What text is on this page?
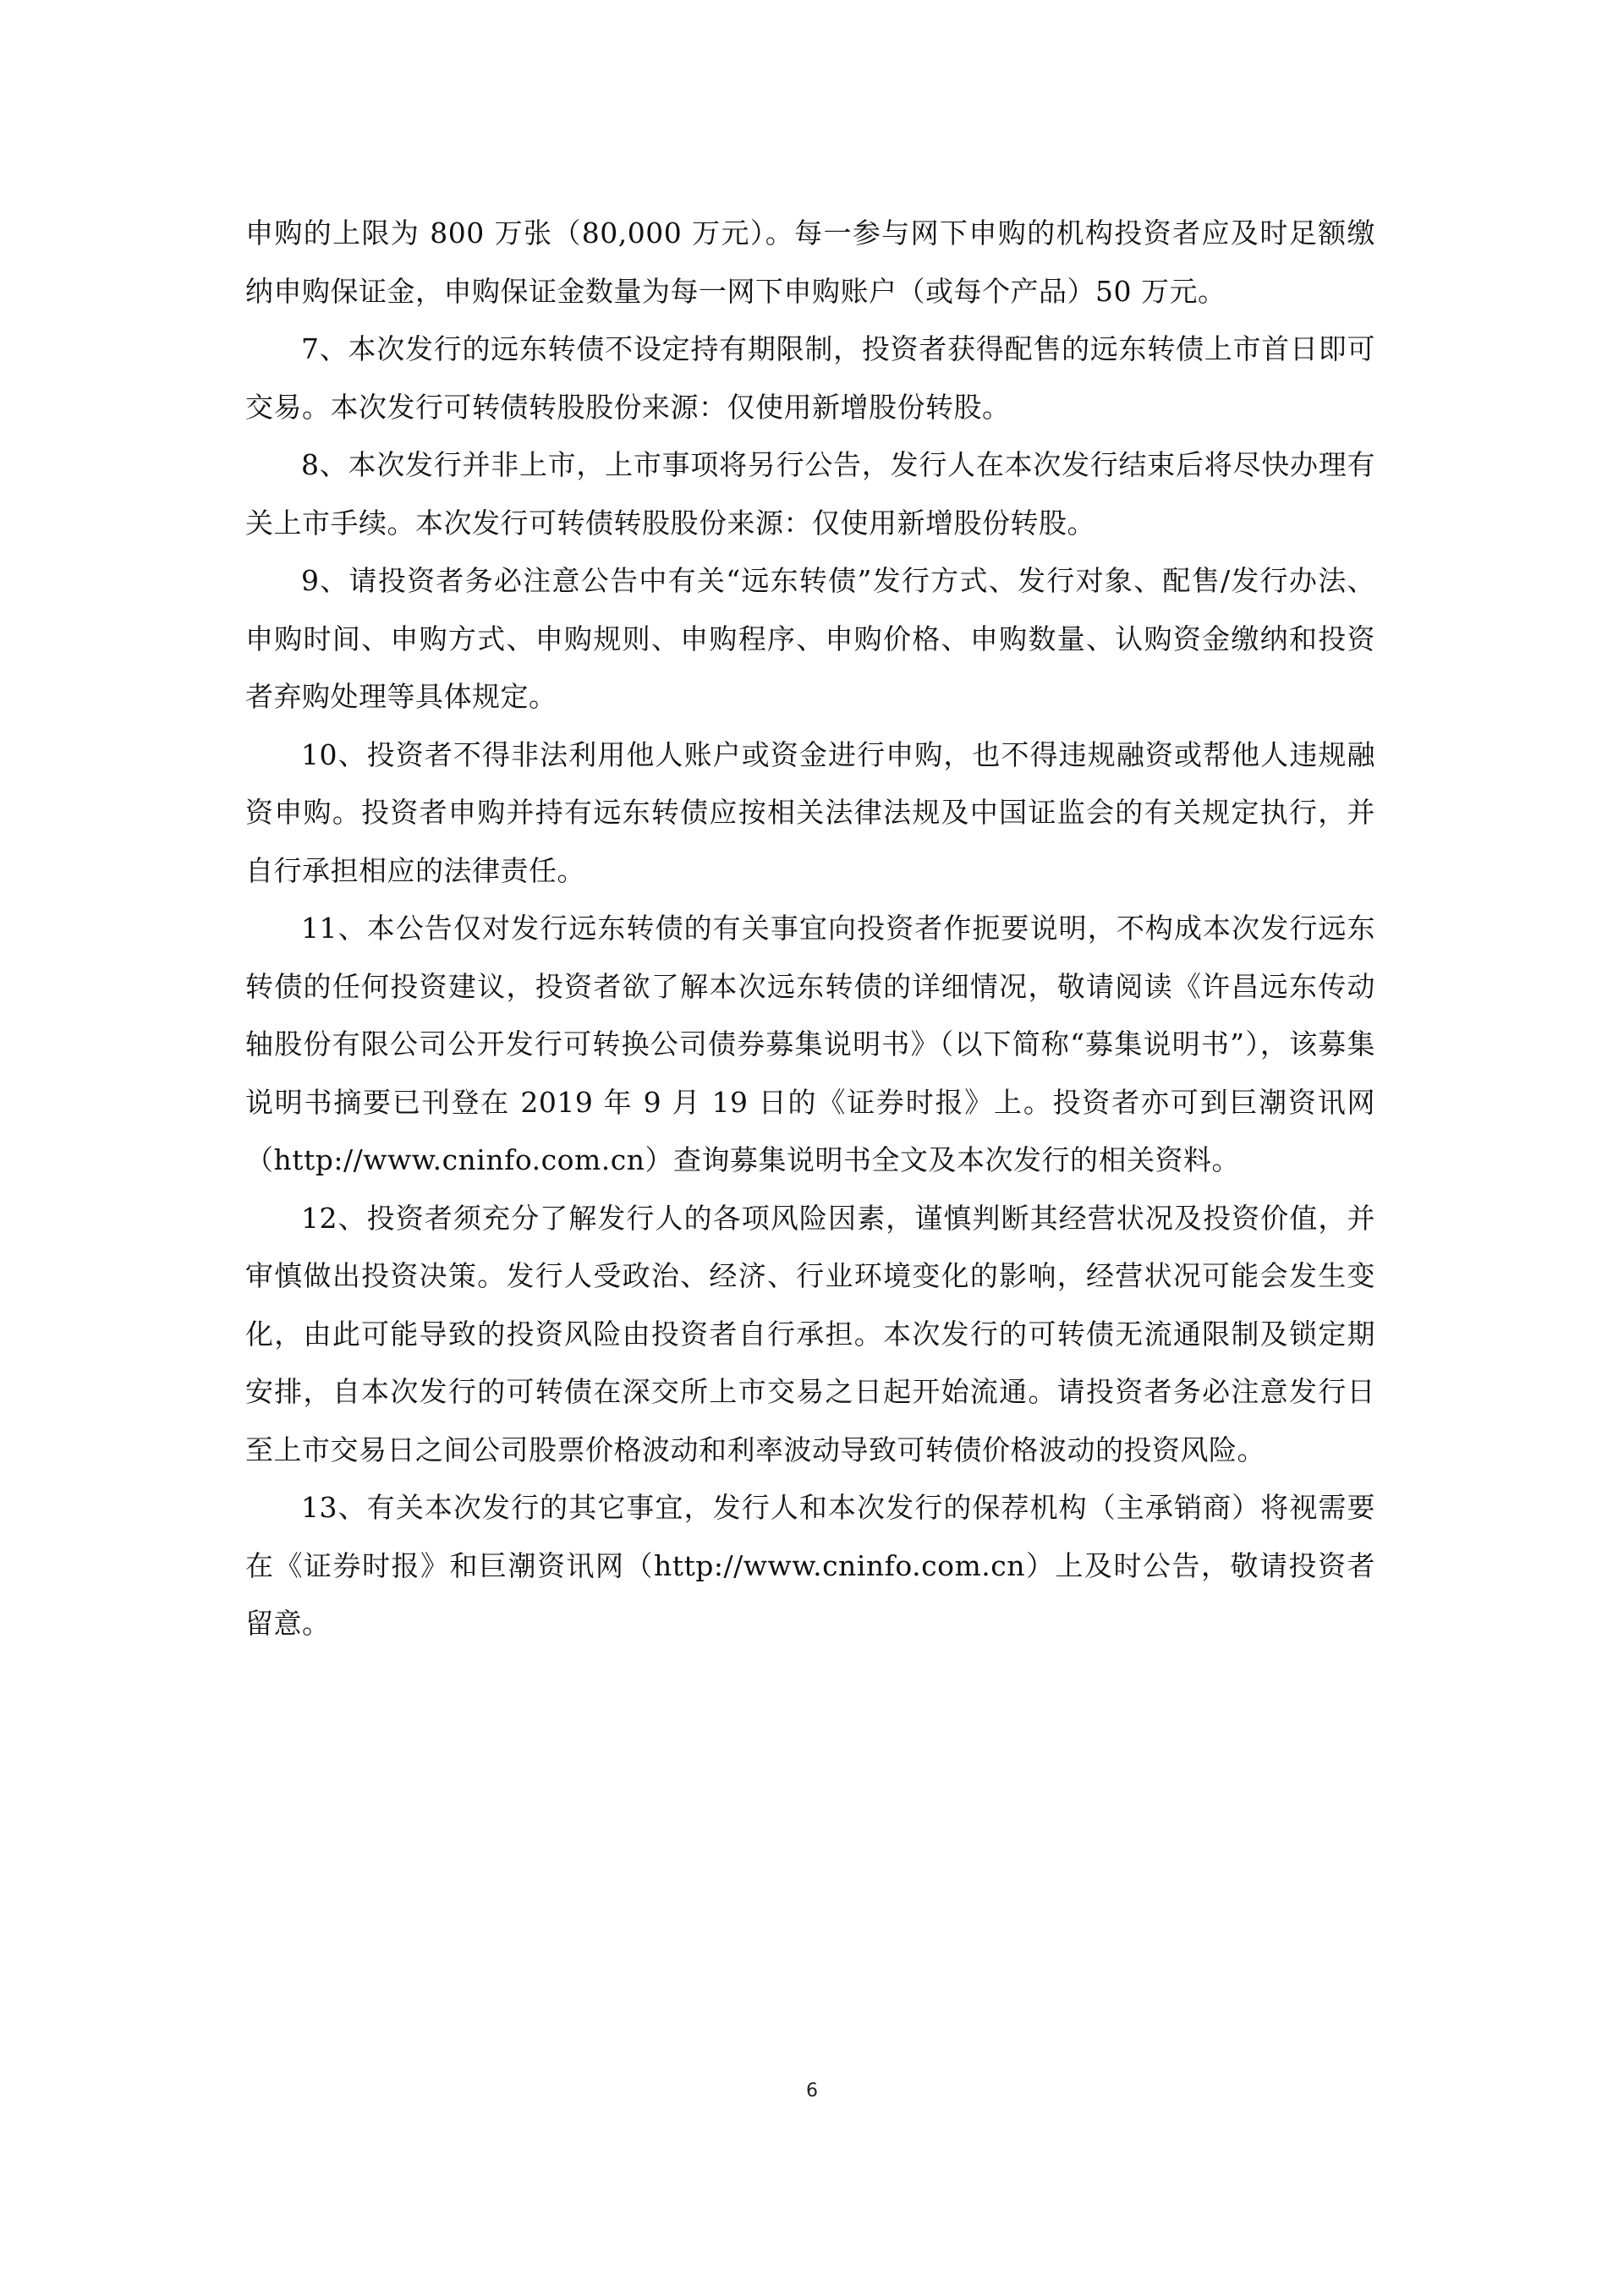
申购的上限为 800 万张（80,000 万元）。每一参与网下申购的机构投资者应及时足额缴纳申购保证金，申购保证金数量为每一网下申购账户（或每个产品）50 万元。

7、本次发行的远东转债不设定持有期限制，投资者获得配售的远东转债上市首日即可交易。本次发行可转债转股股份来源：仅使用新增股份转股。

8、本次发行并非上市，上市事项将另行公告，发行人在本次发行结束后将尽快办理有关上市手续。本次发行可转债转股股份来源：仅使用新增股份转股。

9、请投资者务必注意公告中有关“远东转债”发行方式、发行对象、配售/发行办法、申购时间、申购方式、申购规则、申购程序、申购价格、申购数量、认购资金缴纳和投资者弃购处理等具体规定。

10、投资者不得非法利用他人账户或资金进行申购，也不得违规融资或帮他人违规融资申购。投资者申购并持有远东转债应按相关法律法规及中国证监会的有关规定执行，并自行承担相应的法律责任。

11、本公告仅对发行远东转债的有关事宜向投资者作扼要说明，不构成本次发行远东转债的任何投资建议，投资者欲了解本次远东转债的详细情况，敬请阅读《许昌远东传动轴股份有限公司公开发行可转换公司债券募集说明书》（以下简称“募集说明书”），该募集说明书摘要已刊登在 2019 年 9 月 19 日的《证券时报》上。投资者亦可到巨潮资讯网（http://www.cninfo.com.cn）查询募集说明书全文及本次发行的相关资料。

12、投资者须充分了解发行人的各项风险因素，谨慎判断其经营状况及投资价值，并审慎做出投资决策。发行人受政治、经济、行业环境变化的影响，经营状况可能会发生变化，由此可能导致的投资风险由投资者自行承担。本次发行的可转债无流通限制及锁定期安排，自本次发行的可转债在深交所上市交易之日起开始流通。请投资者务必注意发行日至上市交易日之间公司股票价格波动和利率波动导致可转债价格波动的投资风险。

13、有关本次发行的其它事宜，发行人和本次发行的保荐机构（主承销商）将视需要在《证券时报》和巨潮资讯网（http://www.cninfo.com.cn）上及时公告，敬请投资者留意。

6
